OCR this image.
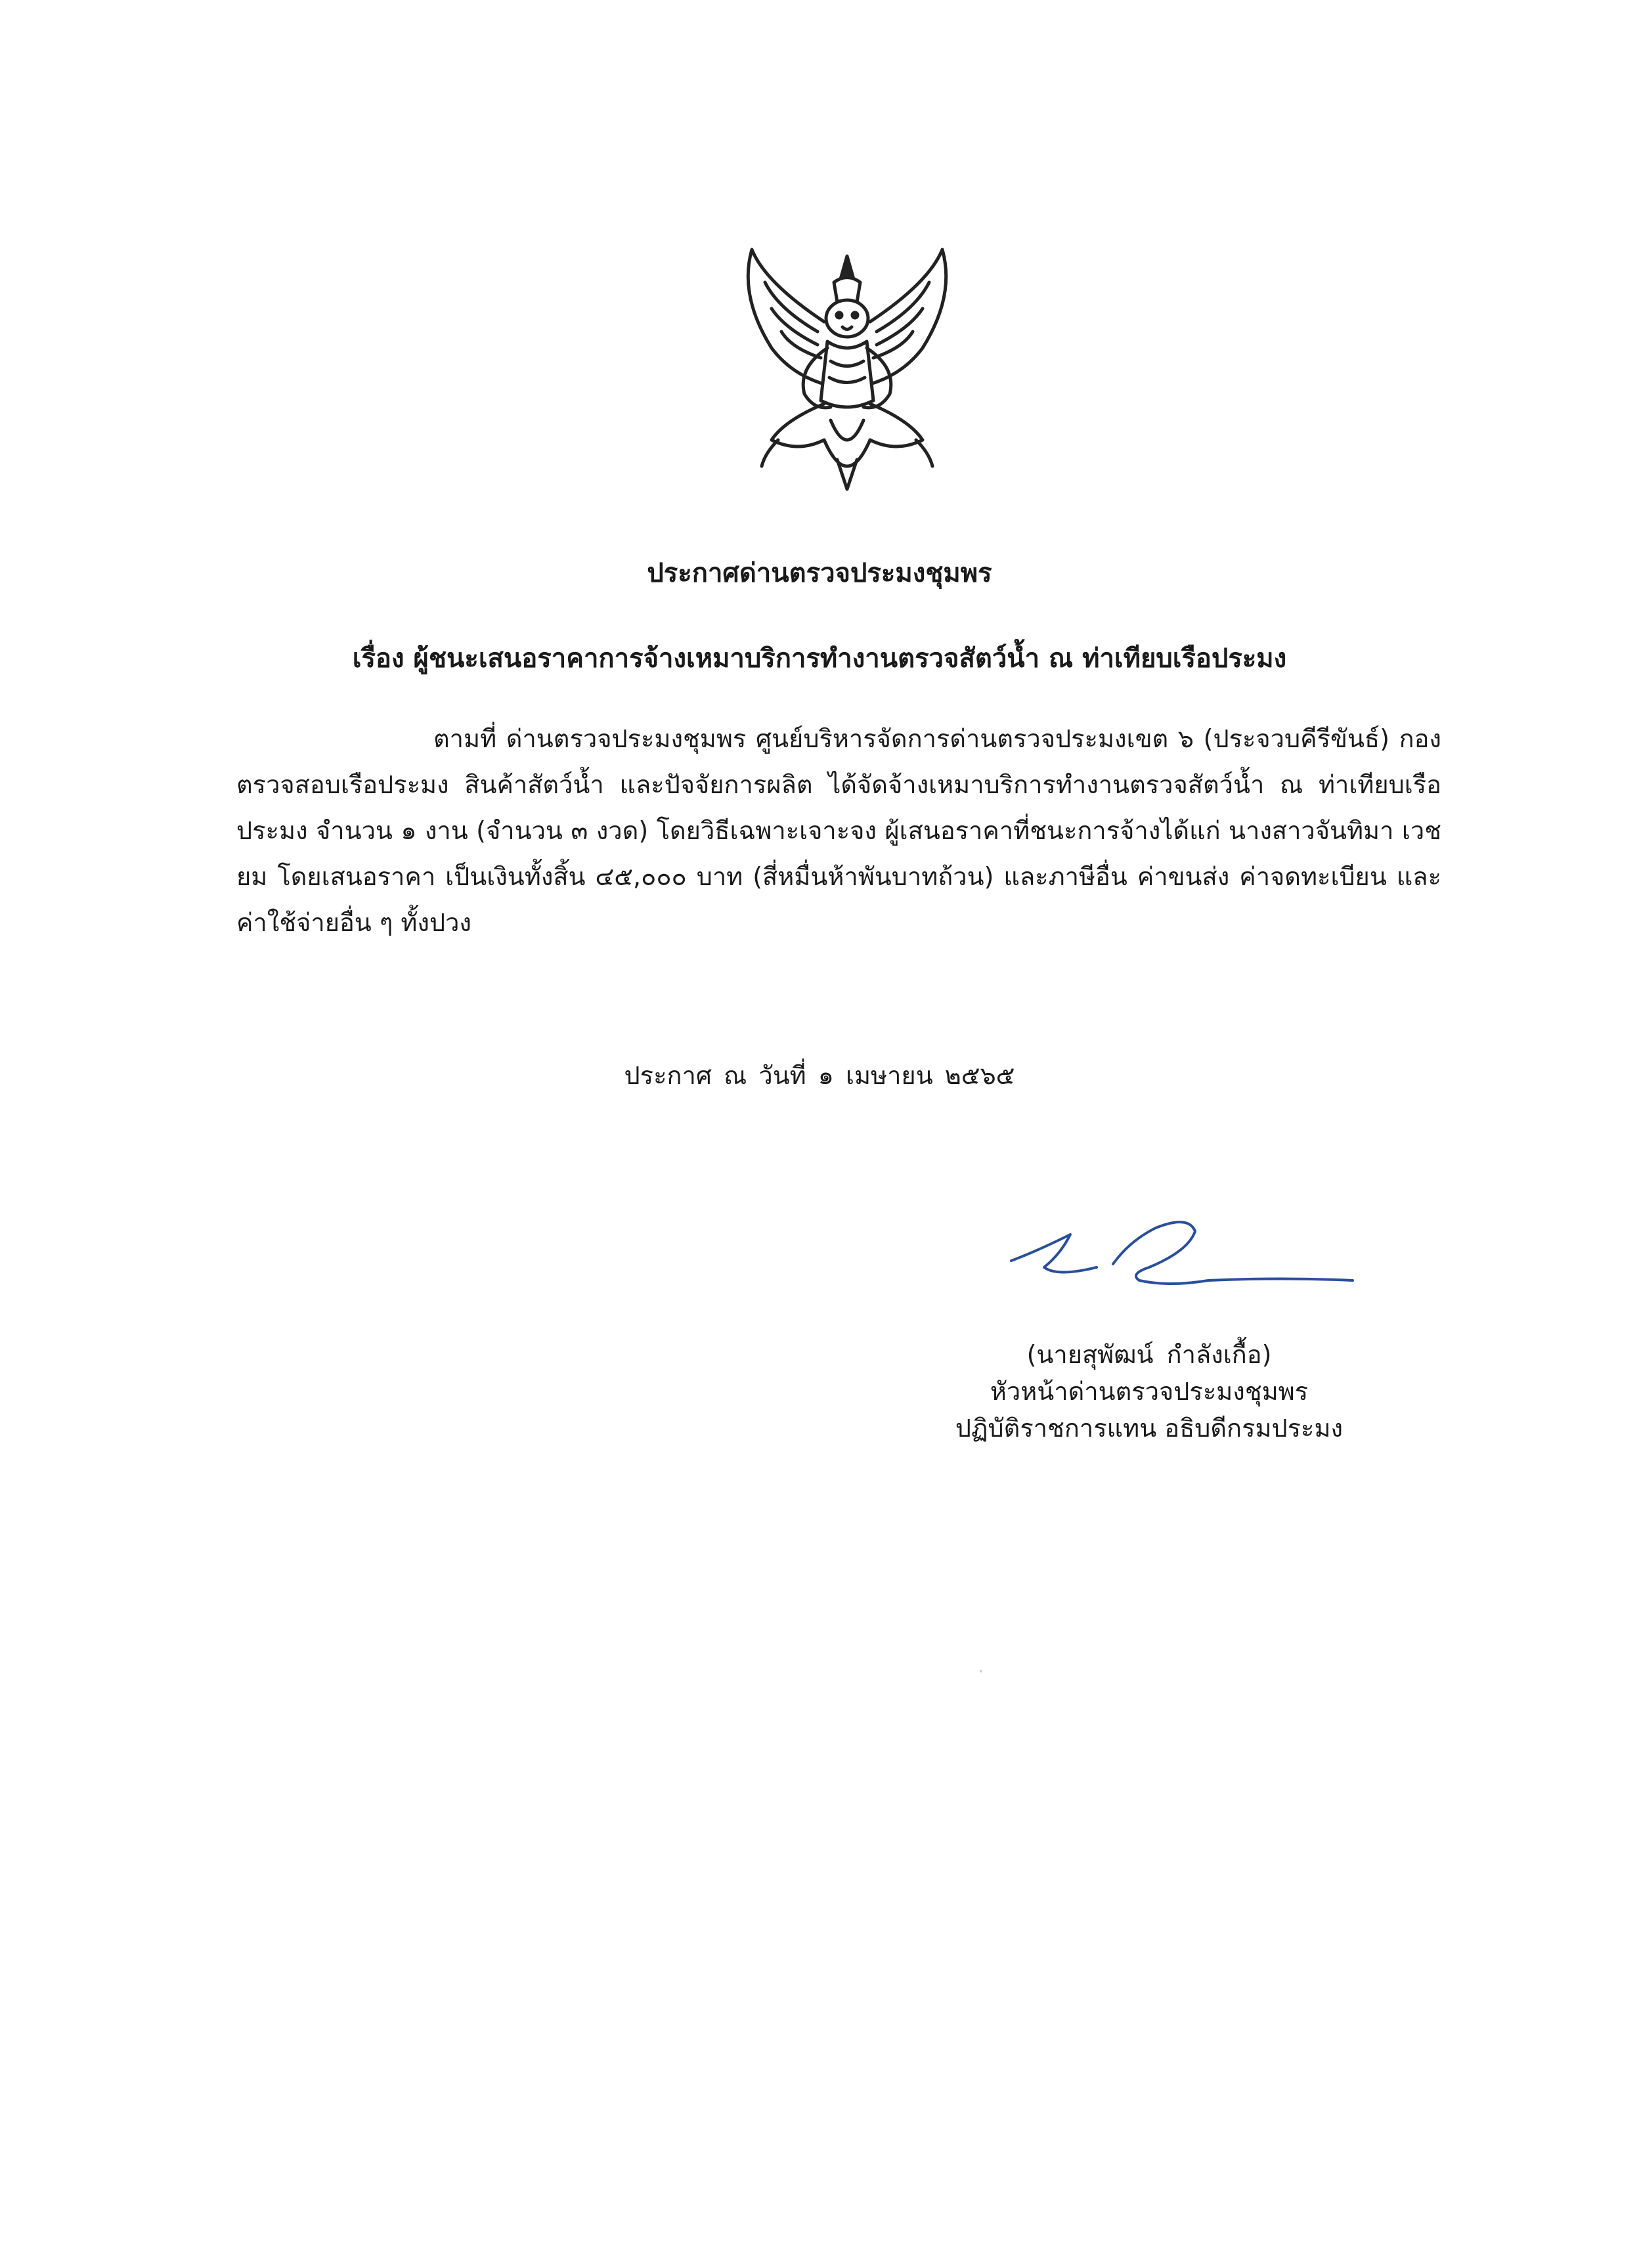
ประกาศด่านตรวจประมงชุมพร
เรื่อง ผู้ชนะเสนอราคาการจ้างเหมาบริการทำงานตรวจสัตว์น้ำ ณ ท่าเทียบเรือประมง

ตามที่ ด่านตรวจประมงชุมพร ศูนย์บริหารจัดการด่านตรวจประมงเขต ๖ (ประจวบคีรีขันธ์) กองตรวจสอบเรือประมง สินค้าสัตว์น้ำ และปัจจัยการผลิต ได้จัดจ้างเหมาบริการทำงานตรวจสัตว์น้ำ ณ ท่าเทียบเรือประมง จำนวน ๑ งาน (จำนวน ๓ งวด) โดยวิธีเฉพาะเจาะจง ผู้เสนอราคาที่ชนะการจ้างได้แก่ นางสาวจันทิมา เวชยม โดยเสนอราคา เป็นเงินทั้งสิ้น ๔๕,๐๐๐ บาท (สี่หมื่นห้าพันบาทถ้วน) และภาษีอื่น ค่าขนส่ง ค่าจดทะเบียน และค่าใช้จ่ายอื่น ๆ ทั้งปวง

ประกาศ ณ วันที่ ๑ เมษายน ๒๕๖๕
(นายสุพัฒน์ กำลังเกื้อ)
หัวหน้าด่านตรวจประมงชุมพร
ปฏิบัติราชการแทน อธิบดีกรมประมง
